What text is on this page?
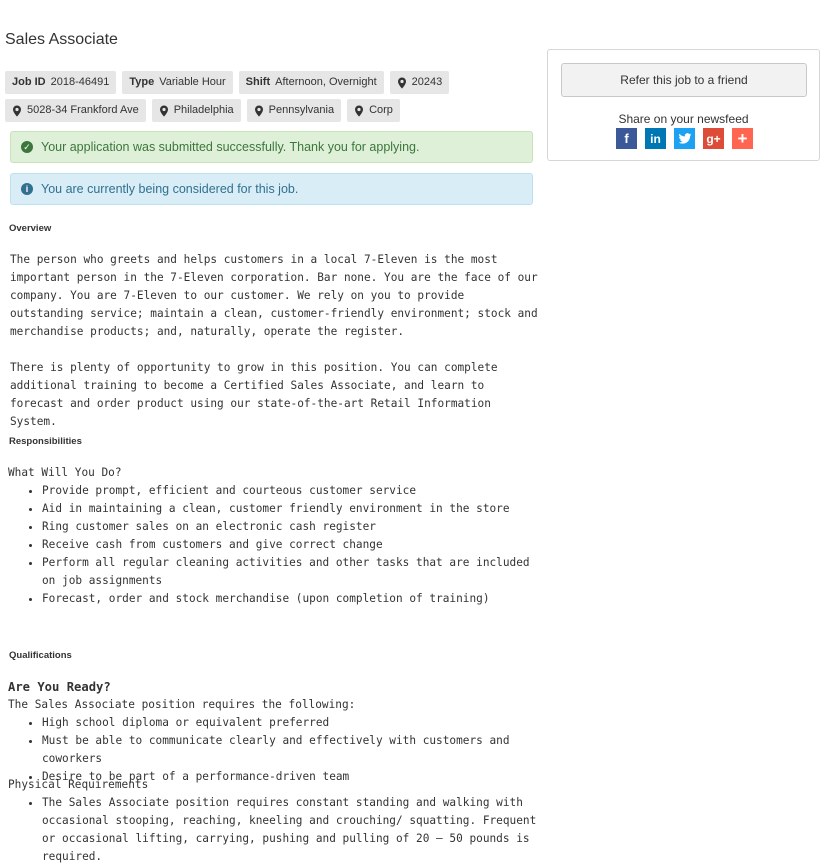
Sales Associate
Job ID 2018-46491 Type Variable Hour Shift Afternoon, Overnight	20243
5028-34 Frankford Ave	Philadelphia	Pennsylvania	Corp
✓ Your application was submitted successfully. Thank you for applying.
i	You are currently being considered for this job.
Overview

The person who greets and helps customers in a local 7-Eleven is the most important person in the 7-Eleven corporation. Bar none. You are the face of our company. You are 7-Eleven to our customer. We rely on you to provide outstanding service; maintain a clean, customer-friendly environment; stock and merchandise products; and, naturally, operate the register.

There is plenty of opportunity to grow in this position. You can complete additional training to become a Certified Sales Associate, and learn to forecast and order product using our state-of-the-art Retail Information System.

Responsibilities

What Will You Do?

• Provide prompt, efficient and courteous customer service
• Aid in maintaining a clean, customer friendly environment in the store
• Ring customer sales on an electronic cash register
• Receive cash from customers and give correct change
• Perform all regular cleaning activities and other tasks that are included on job assignments
• Forecast, order and stock merchandise (upon completion of training)
Qualifications
Are You Ready?

The Sales Associate position requires the following:

• High school diploma or equivalent preferred
• Must be able to communicate clearly and effectively with customers and coworkers
• Desire to be part of a performance-driven team

Physical Requirements

• The Sales Associate position requires constant standing and walking with occasional stooping, reaching, kneeling and crouching/ squatting. Frequent or occasional lifting, carrying, pushing and pulling of 20 – 50 pounds is required.
Refer this job to a friend
Share on your newsfeed
f	in	g+ +
